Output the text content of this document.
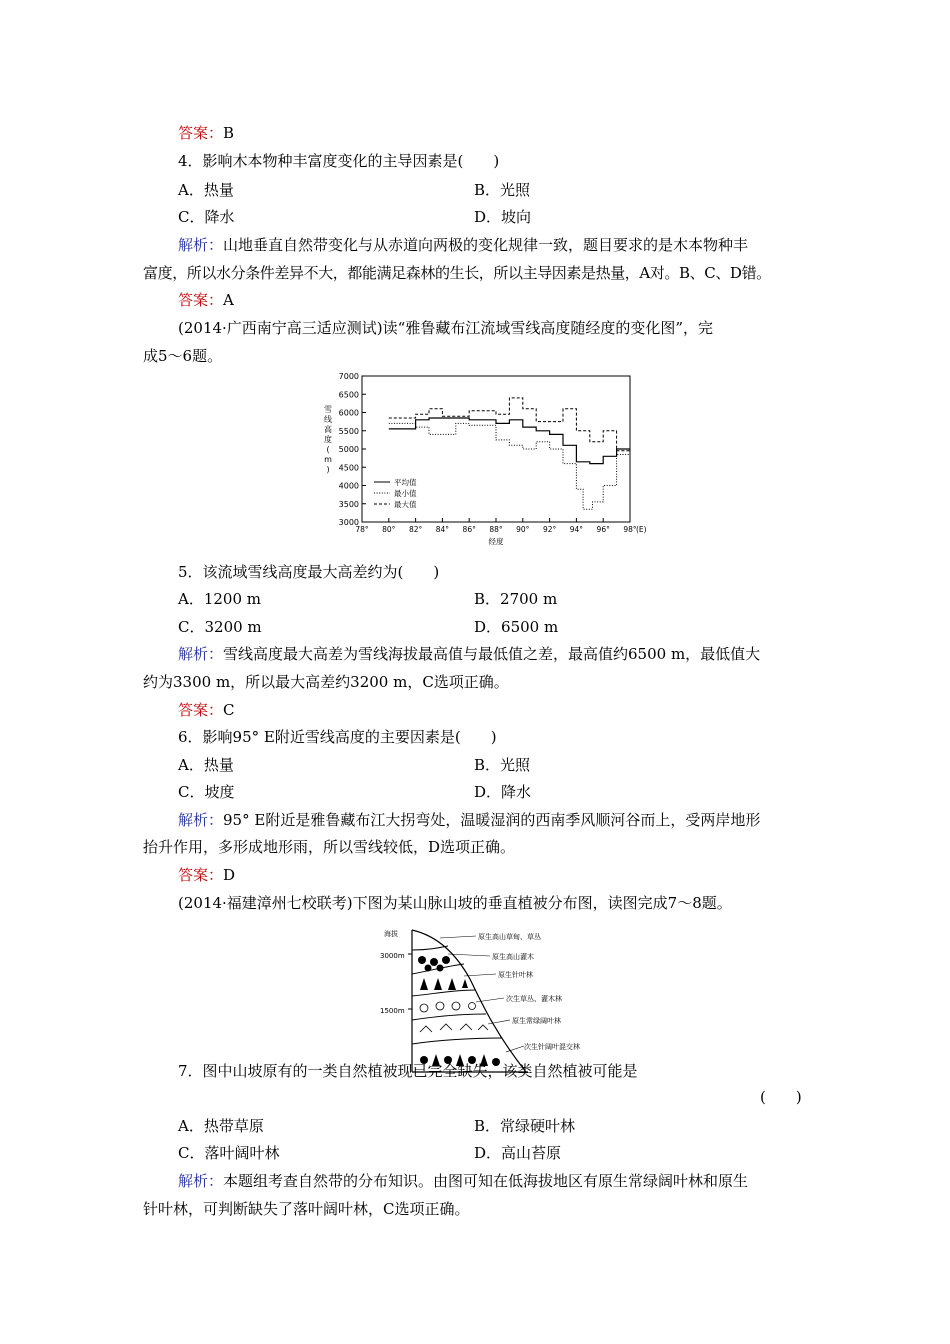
答案：B
4．影响木本物种丰富度变化的主导因素是(　　)
A．热量	B．光照
C．降水	D．坡向
解析：山地垂直自然带变化与从赤道向两极的变化规律一致，题目要求的是木本物种丰
富度，所以水分条件差异不大，都能满足森林的生长，所以主导因素是热量，A对。B、C、D错。
答案：A
(2014·广西南宁高三适应测试)读“雅鲁藏布江流域雪线高度随经度的变化图”，完
成5～6题。
3000
3500
4000
4500
5000
5500
6000
6500
7000
78° 80° 82° 84° 86° 88° 90° 92° 94° 96° 98° (E)
经度
雪
线
高
度
(
m
)
平均值
最小值
最大值
5．该流域雪线高度最大高差约为(　　)
A．1200 m	B．2700 m
C．3200 m	D．6500 m
解析：雪线高度最大高差为雪线海拔最高值与最低值之差，最高值约6500 m，最低值大
约为3300 m，所以最大高差约3200 m，C选项正确。
答案：C
6．影响95° E附近雪线高度的主要因素是(　　)
A．热量	B．光照
C．坡度	D．降水
解析：95° E附近是雅鲁藏布江大拐弯处，温暖湿润的西南季风顺河谷而上，受两岸地形
抬升作用，多形成地形雨，所以雪线较低，D选项正确。
答案：D
(2014·福建漳州七校联考)下图为某山脉山坡的垂直植被分布图，读图完成7～8题。
海拔
3000m
1500m
原生高山草甸、草丛
原生高山灌木
原生针叶林
次生草丛、灌木林
原生常绿阔叶林
次生针阔叶混交林
7．图中山坡原有的一类自然植被现已完全缺失，该类自然植被可能是
(　　)
A．热带草原	B．常绿硬叶林
C．落叶阔叶林	D．高山苔原
解析：本题组考查自然带的分布知识。由图可知在低海拔地区有原生常绿阔叶林和原生
针叶林，可判断缺失了落叶阔叶林，C选项正确。
